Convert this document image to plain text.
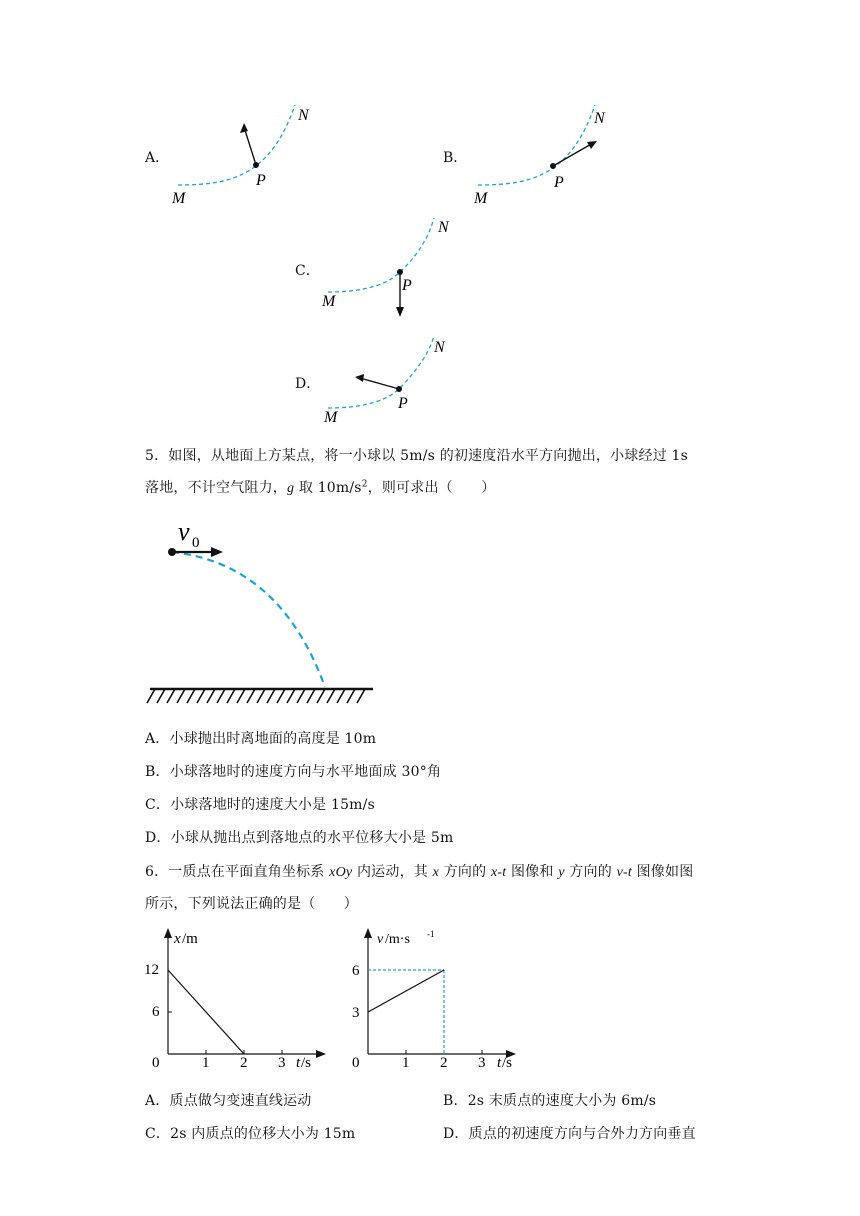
A．
M
N
P
B．
M
N
P
C．
M
N
P
D．
M
N
P
5．如图，从地面上方某点，将一小球以 5m/s 的初速度沿水平方向抛出，小球经过 1s
落地，不计空气阻力，g 取 $10m/s^2$，则可求出（　　）
v 0
A．小球抛出时离地面的高度是 10m
B．小球落地时的速度方向与水平地面成 30°角
C．小球落地时的速度大小是 15m/s
D．小球从抛出点到落地点的水平位移大小是 5m
6．一质点在平面直角坐标系 xOy 内运动，其 x 方向的 x-t 图像和 y 方向的 v-t 图像如图
所示，下列说法正确的是（　　）
x /m
12
6
0	1 2 3 t /s
v /m·s -1
6
3
0	1 2 3 t /s
A．质点做匀变速直线运动	B．2s 末质点的速度大小为 6m/s
C．2s 内质点的位移大小为 15m	D．质点的初速度方向与合外力方向垂直
